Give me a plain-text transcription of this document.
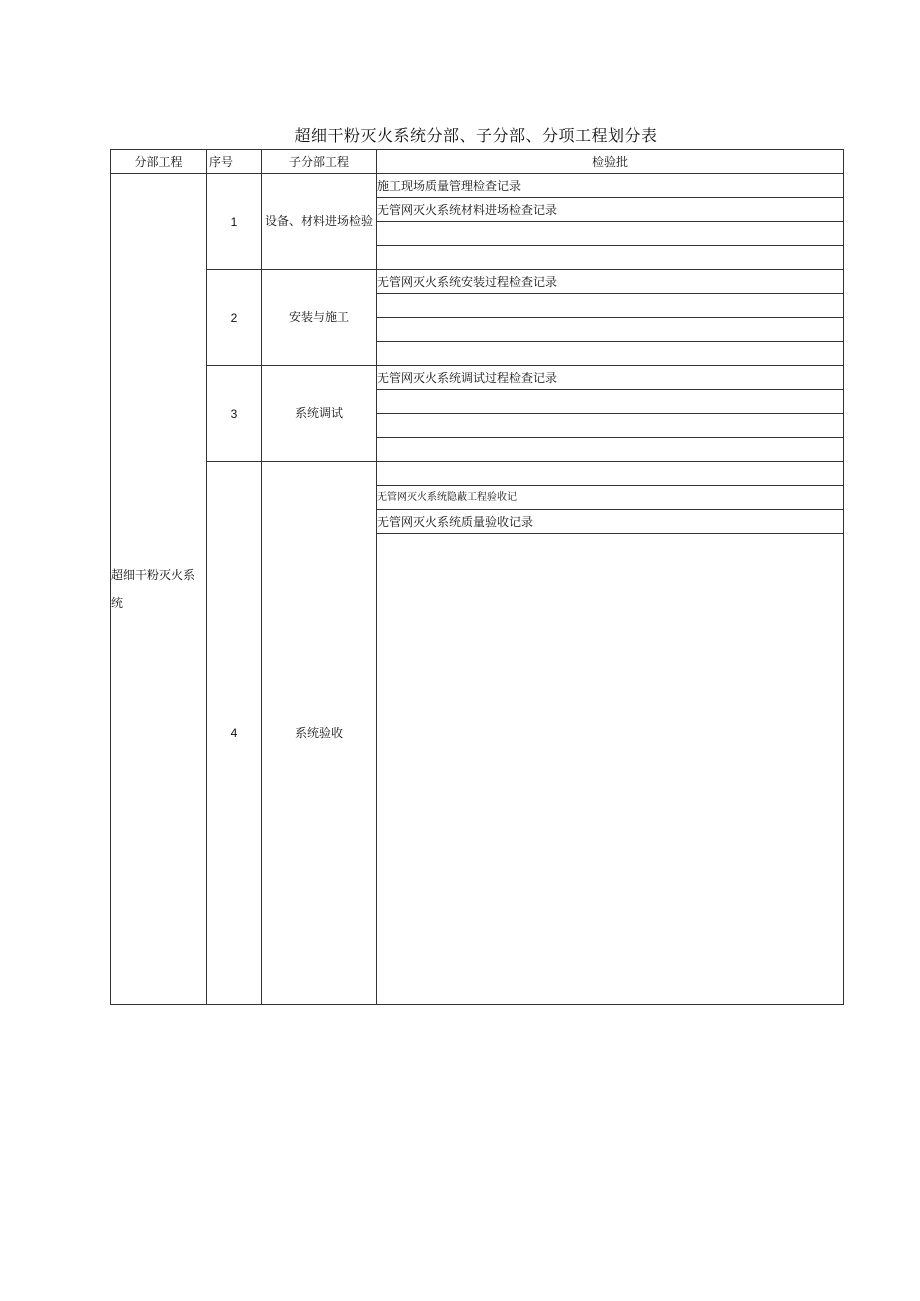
超细干粉灭火系统分部、子分部、分项工程划分表
分部工程	序号	子分部工程	检验批
超细干粉灭火系统	1	设备、材料进场检验	施工现场质量管理检查记录
			无管网灭火系统材料进场检查记录

	2	安装与施工	无管网灭火系统安装过程检查记录

	3	系统调试	无管网灭火系统调试过程检查记录

	4	系统验收	
			无管网灭火系统隐蔽工程验收记
			无管网灭火系统质量验收记录
